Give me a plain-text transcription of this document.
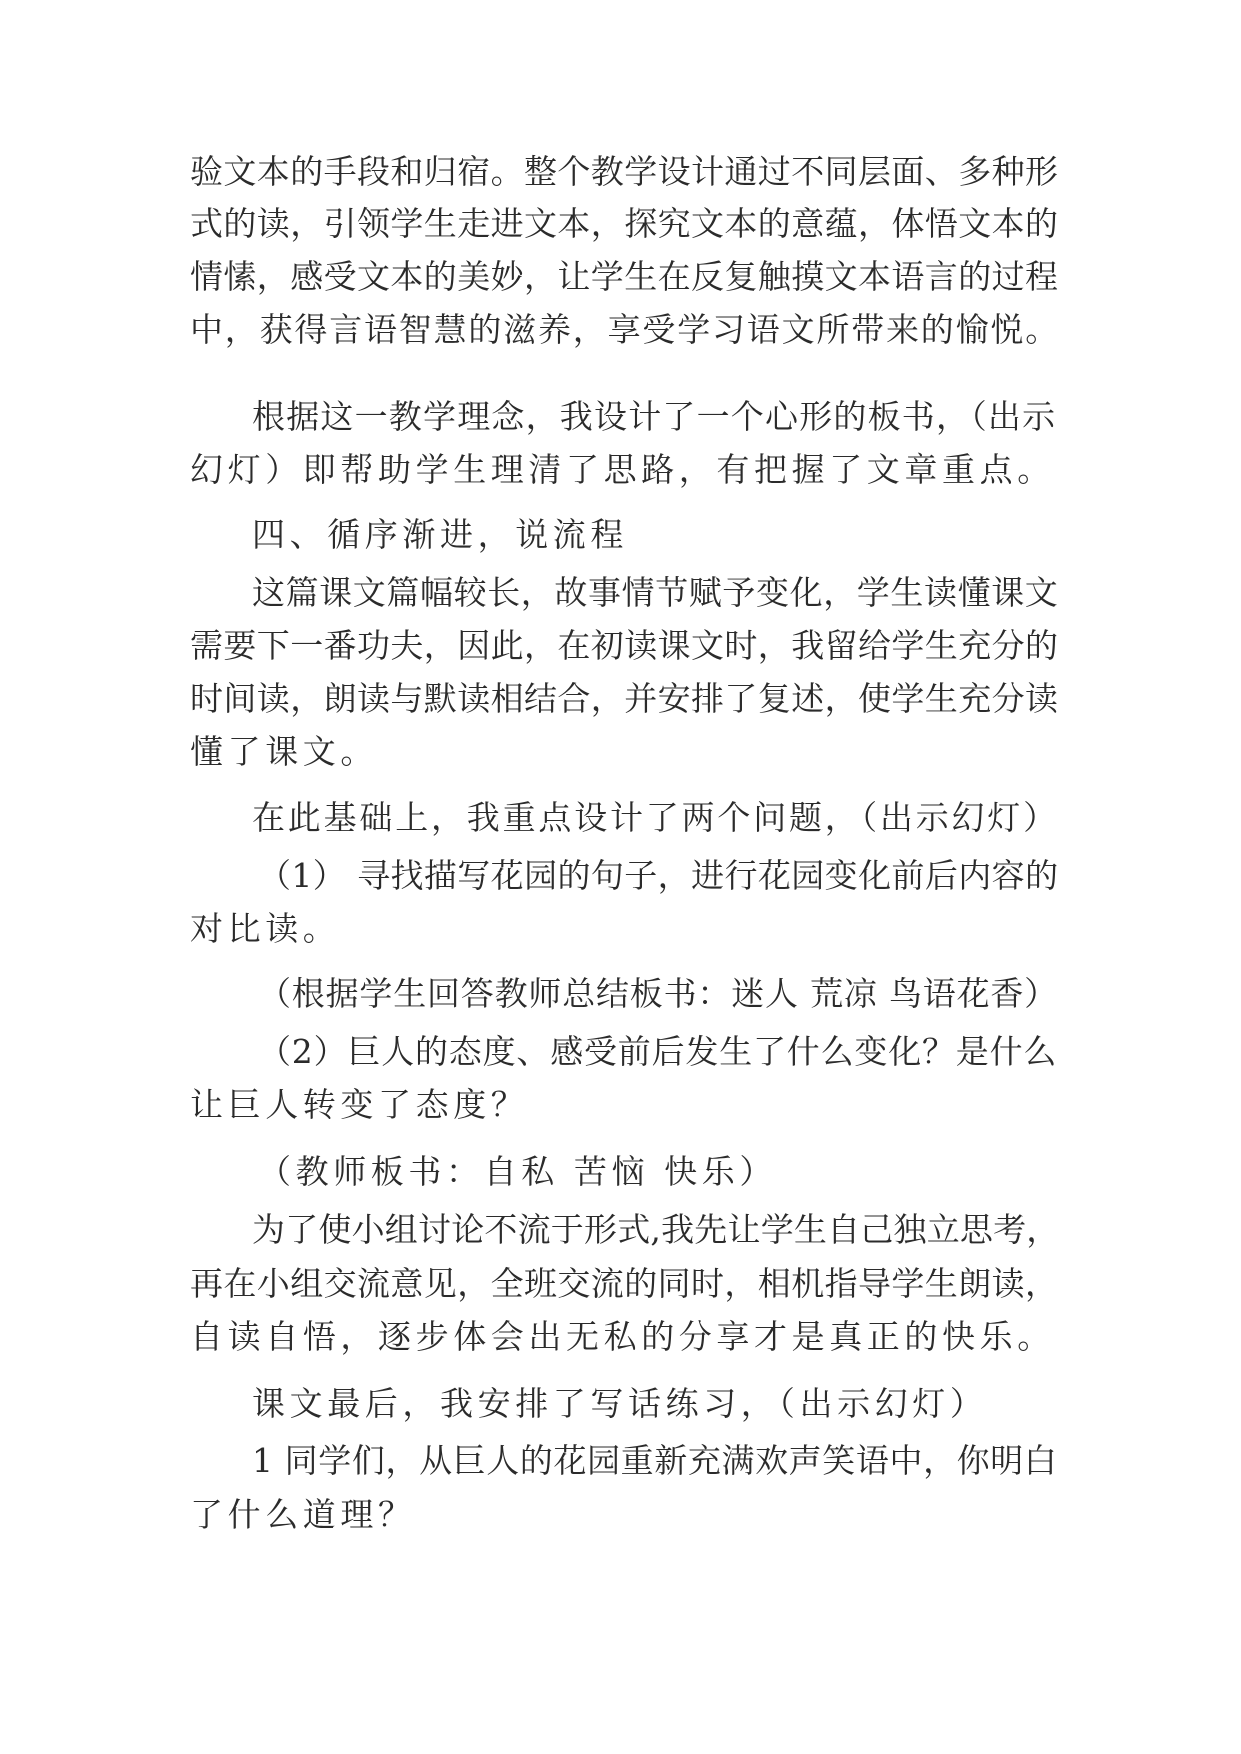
验文本的手段和归宿。整个教学设计通过不同层面、多种形

式的读，引领学生走进文本，探究文本的意蕴，体悟文本的

情愫，感受文本的美妙，让学生在反复触摸文本语言的过程

中，获得言语智慧的滋养，享受学习语文所带来的愉悦。

根据这一教学理念，我设计了一个心形的板书，（出示

幻灯）即帮助学生理清了思路，有把握了文章重点。

四、循序渐进，说流程

这篇课文篇幅较长，故事情节赋予变化，学生读懂课文

需要下一番功夫，因此，在初读课文时，我留给学生充分的

时间读，朗读与默读相结合，并安排了复述，使学生充分读

懂了课文。

在此基础上，我重点设计了两个问题，（出示幻灯）

（1） 寻找描写花园的句子，进行花园变化前后内容的

对比读。

（根据学生回答教师总结板书：迷人 荒凉 鸟语花香）

（2）巨人的态度、感受前后发生了什么变化？是什么

让巨人转变了态度？

（教师板书：自私 苦恼 快乐）

为了使小组讨论不流于形式,我先让学生自己独立思考，

再在小组交流意见，全班交流的同时，相机指导学生朗读，

自读自悟，逐步体会出无私的分享才是真正的快乐。

课文最后，我安排了写话练习，（出示幻灯）

1 同学们，从巨人的花园重新充满欢声笑语中，你明白

了什么道理？
